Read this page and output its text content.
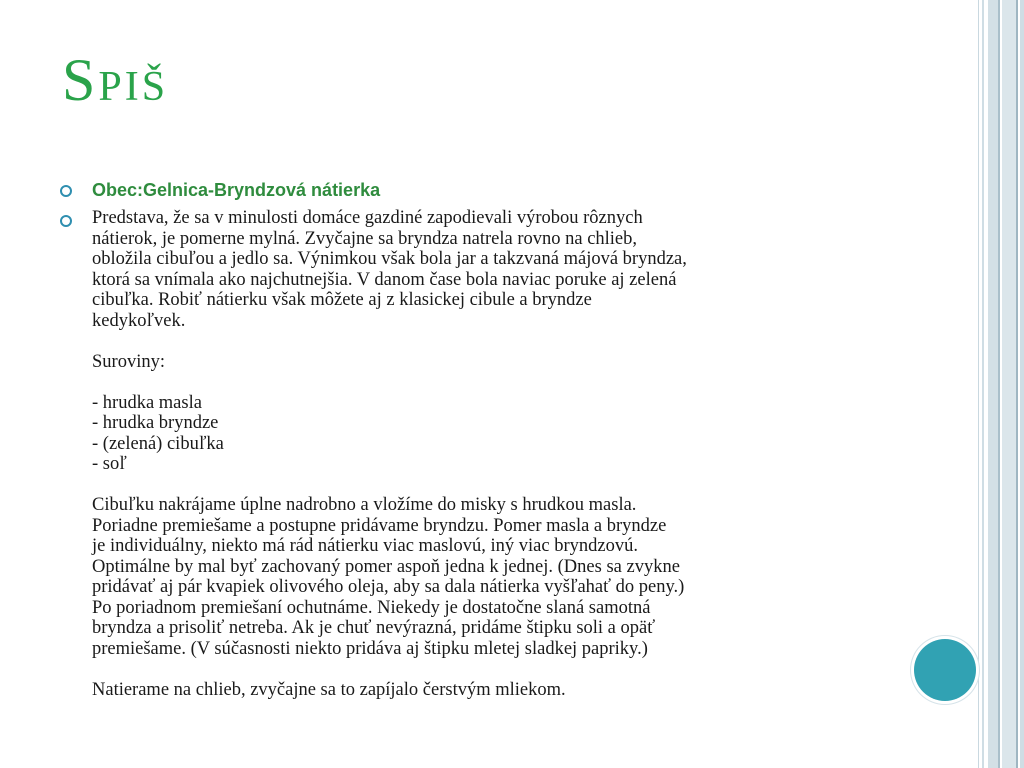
Spiš
Obec:Gelnica-Bryndzová nátierka
Predstava, že sa v minulosti domáce gazdiné zapodievali výrobou rôznych
nátierok, je pomerne mylná. Zvyčajne sa bryndza natrela rovno na chlieb,
obložila cibuľou a jedlo sa. Výnimkou však bola jar a takzvaná májová bryndza,
ktorá sa vnímala ako najchutnejšia. V danom čase bola naviac poruke aj zelená
cibuľka. Robiť nátierku však môžete aj z klasickej cibule a bryndze
kedykoľvek.
Suroviny:
- hrudka masla
- hrudka bryndze
- (zelená) cibuľka
- soľ
Cibuľku nakrájame úplne nadrobno a vložíme do misky s hrudkou masla.
Poriadne premiešame a postupne pridávame bryndzu. Pomer masla a bryndze
je individuálny, niekto má rád nátierku viac maslovú, iný viac bryndzovú.
Optimálne by mal byť zachovaný pomer aspoň jedna k jednej. (Dnes sa zvykne
pridávať aj pár kvapiek olivového oleja, aby sa dala nátierka vyšľahať do peny.)
Po poriadnom premiešaní ochutnáme. Niekedy je dostatočne slaná samotná
bryndza a prisoliť netreba. Ak je chuť nevýrazná, pridáme štipku soli a opäť
premiešame. (V súčasnosti niekto pridáva aj štipku mletej sladkej papriky.)
Natierame na chlieb, zvyčajne sa to zapíjalo čerstvým mliekom.
